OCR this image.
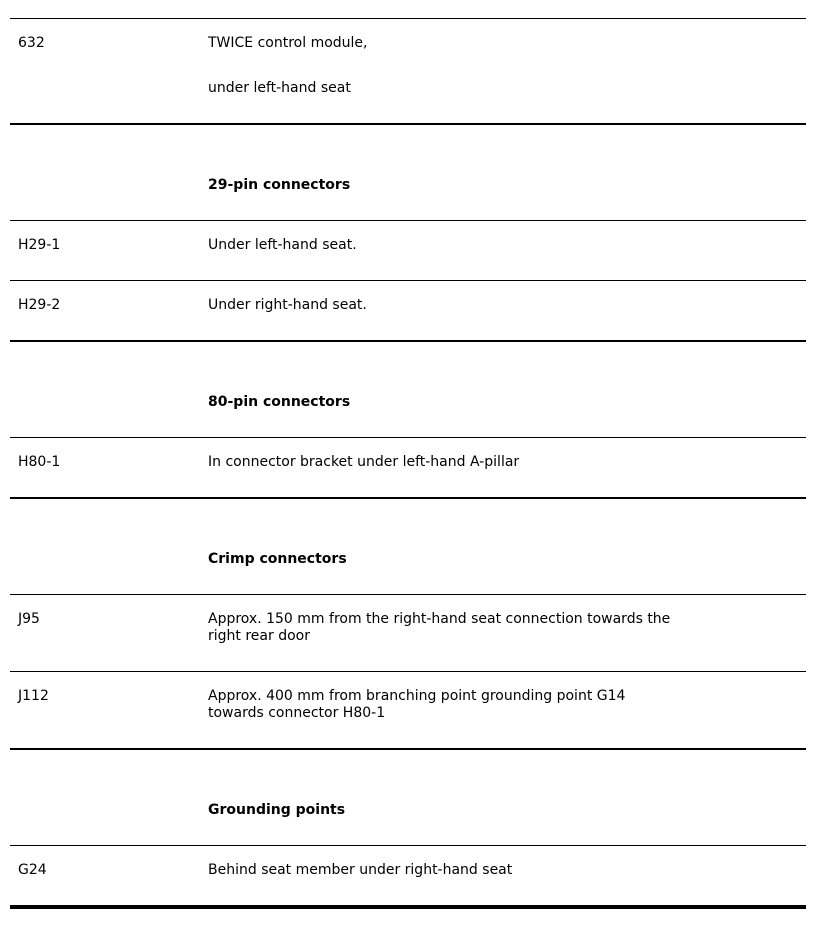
632	TWICE control module,

under left-hand seat

29-pin connectors
H29-1	Under left-hand seat.

H29-2	Under right-hand seat.

80-pin connectors
H80-1	In connector bracket under left-hand A-pillar

Crimp connectors
J95	Approx. 150 mm from the right-hand seat connection towards the

right rear door

J112	Approx. 400 mm from branching point grounding point G14

towards connector H80-1

Grounding points
G24	Behind seat member under right-hand seat
